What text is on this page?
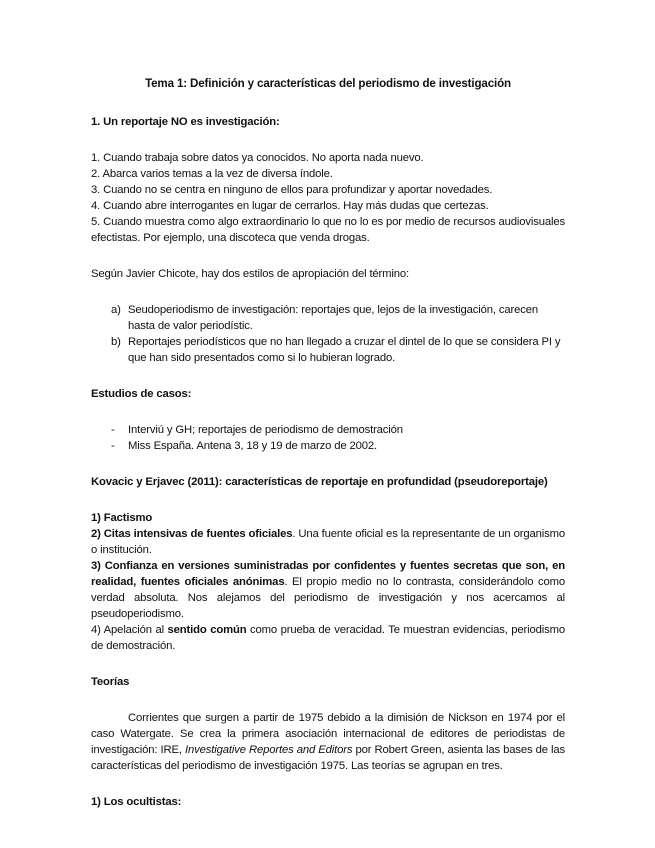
Tema 1: Definición y características del periodismo de investigación

1. Un reportaje NO es investigación:

1. Cuando trabaja sobre datos ya conocidos. No aporta nada nuevo.
2. Abarca varios temas a la vez de diversa índole.
3. Cuando no se centra en ninguno de ellos para profundizar y aportar novedades.
4. Cuando abre interrogantes en lugar de cerrarlos. Hay más dudas que certezas.
5. Cuando muestra como algo extraordinario lo que no lo es por medio de recursos audiovisuales efectistas. Por ejemplo, una discoteca que venda drogas.

Según Javier Chicote, hay dos estilos de apropiación del término:

a) Seudoperiodismo de investigación: reportajes que, lejos de la investigación, carecen hasta de valor periodístic.
b) Reportajes periodísticos que no han llegado a cruzar el dintel de lo que se considera PI y que han sido presentados como si lo hubieran logrado.

Estudios de casos:

- Interviú y GH; reportajes de periodismo de demostración
- Miss España. Antena 3, 18 y 19 de marzo de 2002.

Kovacic y Erjavec (2011): características de reportaje en profundidad (pseudoreportaje)

1) Factismo

2) Citas intensivas de fuentes oficiales. Una fuente oficial es la representante de un organismo o institución.

3) Confianza en versiones suministradas por confidentes y fuentes secretas que son, en realidad, fuentes oficiales anónimas. El propio medio no lo contrasta, considerándolo como verdad absoluta. Nos alejamos del periodismo de investigación y nos acercamos al pseudoperiodismo.

4) Apelación al sentido común como prueba de veracidad. Te muestran evidencias, periodismo de demostración.

Teorías

Corrientes que surgen a partir de 1975 debido a la dimisión de Nickson en 1974 por el caso Watergate. Se crea la primera asociación internacional de editores de periodistas de investigación: IRE, Investigative Reportes and Editors por Robert Green, asienta las bases de las características del periodismo de investigación 1975. Las teorías se agrupan en tres.

1) Los ocultistas:
